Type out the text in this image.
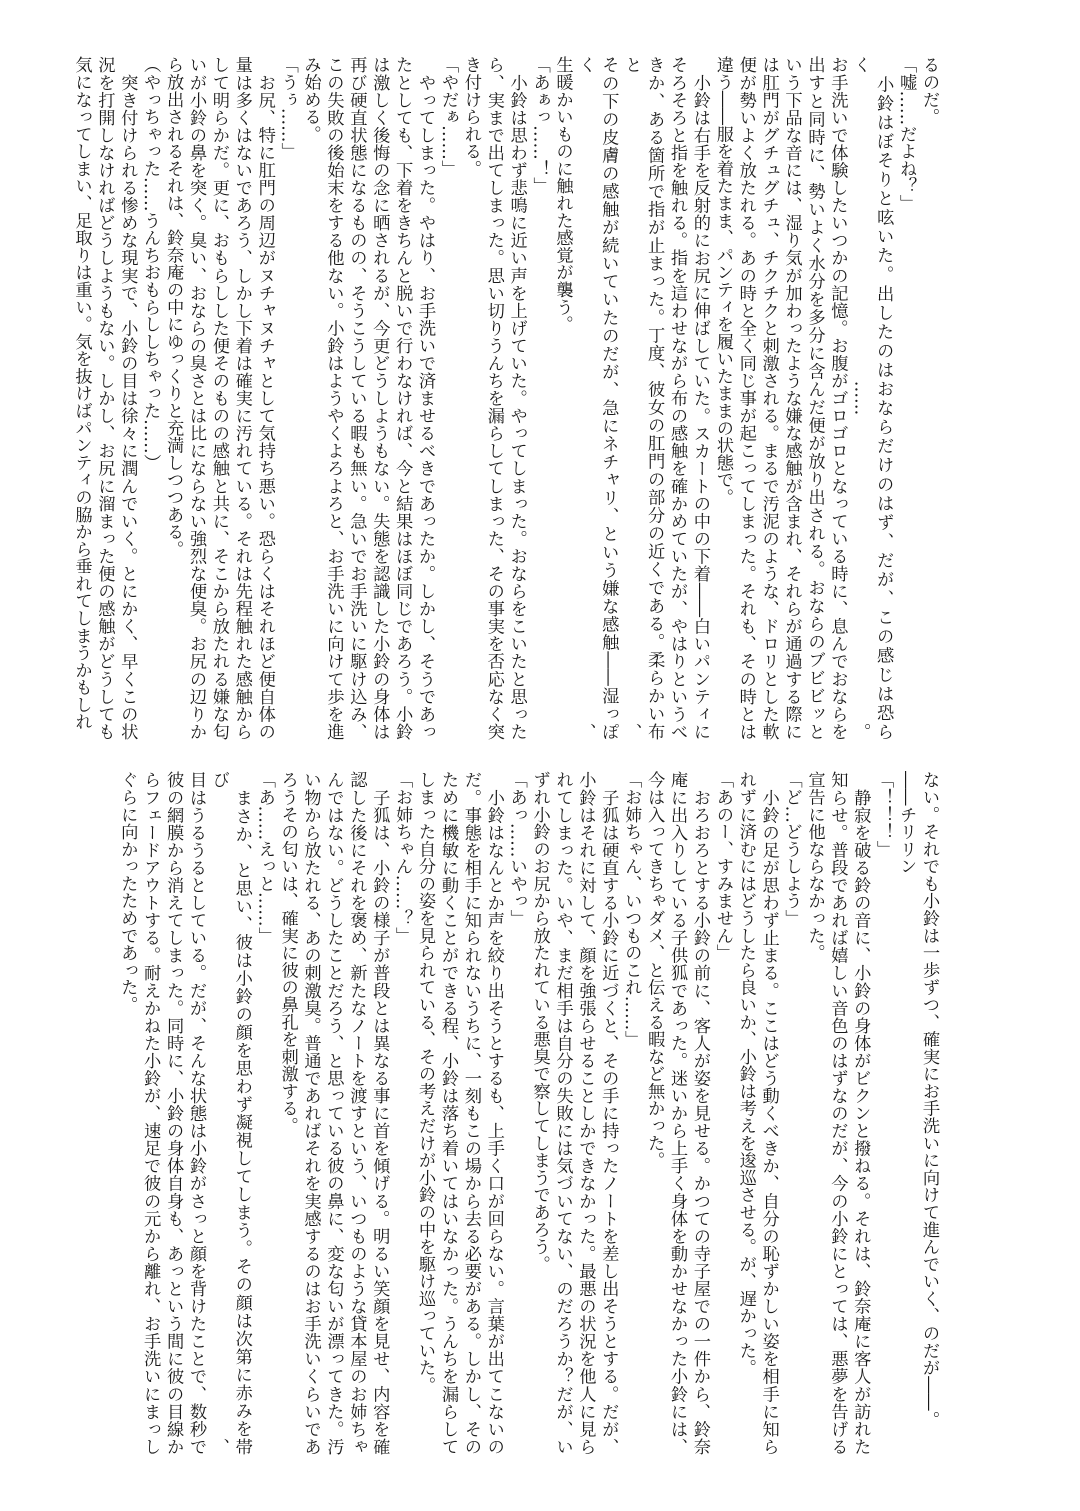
るのだ。
「嘘……だよね？」
　小鈴はぼそりと呟いた。出したのはおならだけのはず、だが、この感じは恐らく……。
お手洗いで体験したいつかの記憶。お腹がゴロゴロとなっている時に、息んでおならを
出すと同時に、勢いよく水分を多分に含んだ便が放り出される。おならのブビビッと
いう下品な音には、湿り気が加わったような嫌な感触が含まれ、それらが通過する際に
は肛門がグチュグチュ、チクチクと刺激される。まるで汚泥のような、ドロリとした軟
便が勢いよく放たれる。あの時と全く同じ事が起こってしまった。それも、その時とは
違う――服を着たまま、パンティを履いたままの状態で。
　小鈴は右手を反射的にお尻に伸ばしていた。スカートの中の下着――白いパンティに
そろそろと指を触れる。指を這わせながら布の感触を確かめていたが、やはりというべ
きか、ある箇所で指が止まった。丁度、彼女の肛門の部分の近くである。柔らかい布と、
その下の皮膚の感触が続いていたのだが、急にネチャリ、という嫌な感触――湿っぽく、
生暖かいものに触れた感覚が襲う。
「あぁっ……！」
　小鈴は思わず悲鳴に近い声を上げていた。やってしまった。おならをこいたと思った
ら、実まで出てしまった。思い切りうんちを漏らしてしまった、その事実を否応なく突
き付けられる。
「やだぁ……」
　やってしまった。やはり、お手洗いで済ませるべきであったか。しかし、そうであっ
たとしても、下着をきちんと脱いで行わなければ、今と結果はほぼ同じであろう。小鈴
は激しく後悔の念に晒されるが、今更どうしようもない。失態を認識した小鈴の身体は
再び硬直状態になるものの、そうこうしている暇も無い。急いでお手洗いに駆け込み、
この失敗の後始末をする他ない。小鈴はようやくよろよろと、お手洗いに向けて歩を進
み始める。
「うぅ……」
　お尻、特に肛門の周辺がヌチャヌチャとして気持ち悪い。恐らくはそれほど便自体の
量は多くはないであろう、しかし下着は確実に汚れている。それは先程触れた感触から
して明らかだ。更に、おもらしした便そのものの感触と共に、そこから放たれる嫌な匂
いが小鈴の鼻を突く。臭い、おならの臭さとは比にならない強烈な便臭。お尻の辺りか
ら放出されるそれは、鈴奈庵の中にゆっくりと充満しつつある。
（やっちゃった……うんちおもらししちゃった……）
　突き付けられる惨めな現実で、小鈴の目は徐々に潤んでいく。とにかく、早くこの状
況を打開しなければどうしようもない。しかし、お尻に溜まった便の感触がどうしても
気になってしまい、足取りは重い。気を抜けばパンティの脇から垂れてしまうかもしれ
ない。それでも小鈴は一歩ずつ、確実にお手洗いに向けて進んでいく、のだが――。
――チリリン
「！！！」
　静寂を破る鈴の音に、小鈴の身体がビクンと撥ねる。それは、鈴奈庵に客人が訪れた
知らせ。普段であれば嬉しい音色のはずなのだが、今の小鈴にとっては、悪夢を告げる
宣告に他ならなかった。
「ど…どうしよう」
　小鈴の足が思わず止まる。ここはどう動くべきか、自分の恥ずかしい姿を相手に知ら
れずに済むにはどうしたら良いか、小鈴は考えを逡巡させる。が、遅かった。
「あのー、すみません」
　おろおろとする小鈴の前に、客人が姿を見せる。かつての寺子屋での一件から、鈴奈
庵に出入りしている子供狐であった。迷いから上手く身体を動かせなかった小鈴には、
今は入ってきちゃダメ、と伝える暇など無かった。
「お姉ちゃん、いつものこれ……」
　子狐は硬直する小鈴に近づくと、その手に持ったノートを差し出そうとする。だが、
小鈴はそれに対して、顔を強張らせることしかできなかった。最悪の状況を他人に見ら
れてしまった。いや、まだ相手は自分の失敗には気づいてない、のだろうか？だが、い
ずれ小鈴のお尻から放たれている悪臭で察してしまうであろう。
「あっ……いやっ」
　小鈴はなんとか声を絞り出そうとするも、上手く口が回らない。言葉が出てこないの
だ。事態を相手に知られないうちに、一刻もこの場から去る必要がある。しかし、その
ために機敏に動くことができる程、小鈴は落ち着いてはいなかった。うんちを漏らして
しまった自分の姿を見られている、その考えだけが小鈴の中を駆け巡っていた。
「お姉ちゃん……？」
　子狐は、小鈴の様子が普段とは異なる事に首を傾げる。明るい笑顔を見せ、内容を確
認した後にそれを褒め、新たなノートを渡すという、いつものような貸本屋のお姉ちゃ
んではない。どうしたことだろう、と思っている彼の鼻に、変な匂いが漂ってきた。汚
い物から放たれる、あの刺激臭。普通であればそれを実感するのはお手洗いくらいであ
ろうその匂いは、確実に彼の鼻孔を刺激する。
「あ……えっと……」
　まさか、と思い、彼は小鈴の顔を思わず凝視してしまう。その顔は次第に赤みを帯び、
目はうるうるとしている。だが、そんな状態は小鈴がさっと顔を背けたことで、数秒で
彼の網膜から消えてしまった。同時に、小鈴の身体自身も、あっという間に彼の目線か
らフェードアウトする。耐えかねた小鈴が、速足で彼の元から離れ、お手洗いにまっし
ぐらに向かったためであった。
